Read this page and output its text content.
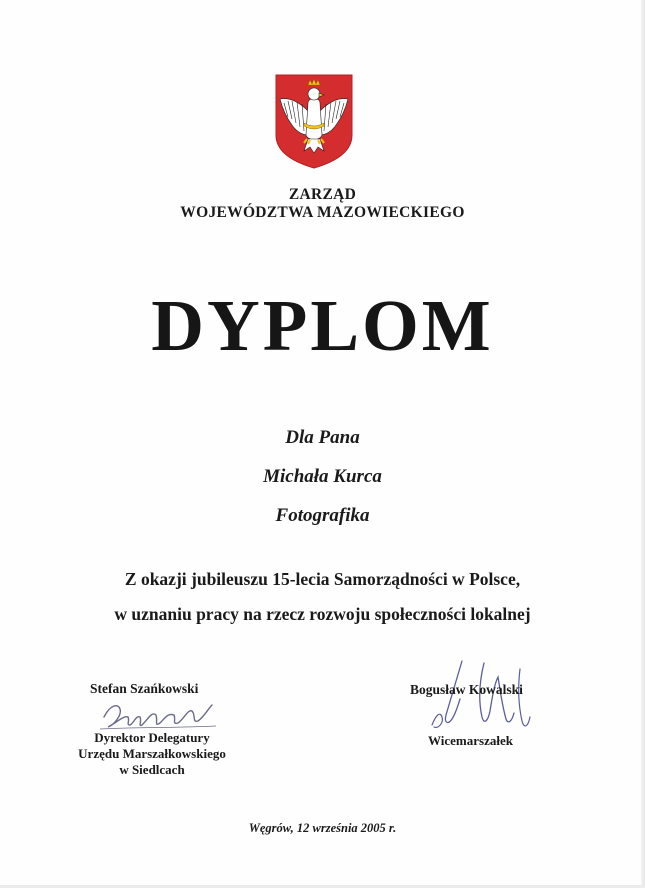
ZARZĄD
WOJEWÓDZTWA MAZOWIECKIEGO
DYPLOM
Dla Pana
Michała Kurca
Fotografika
Z okazji jubileuszu 15-lecia Samorządności w Polsce,
w uznaniu pracy na rzecz rozwoju społeczności lokalnej
Stefan Szańkowski
Dyrektor Delegatury
Urzędu Marszałkowskiego
w Siedlcach
Bogusław Kowalski
Wicemarszałek
Węgrów, 12 września 2005 r.
